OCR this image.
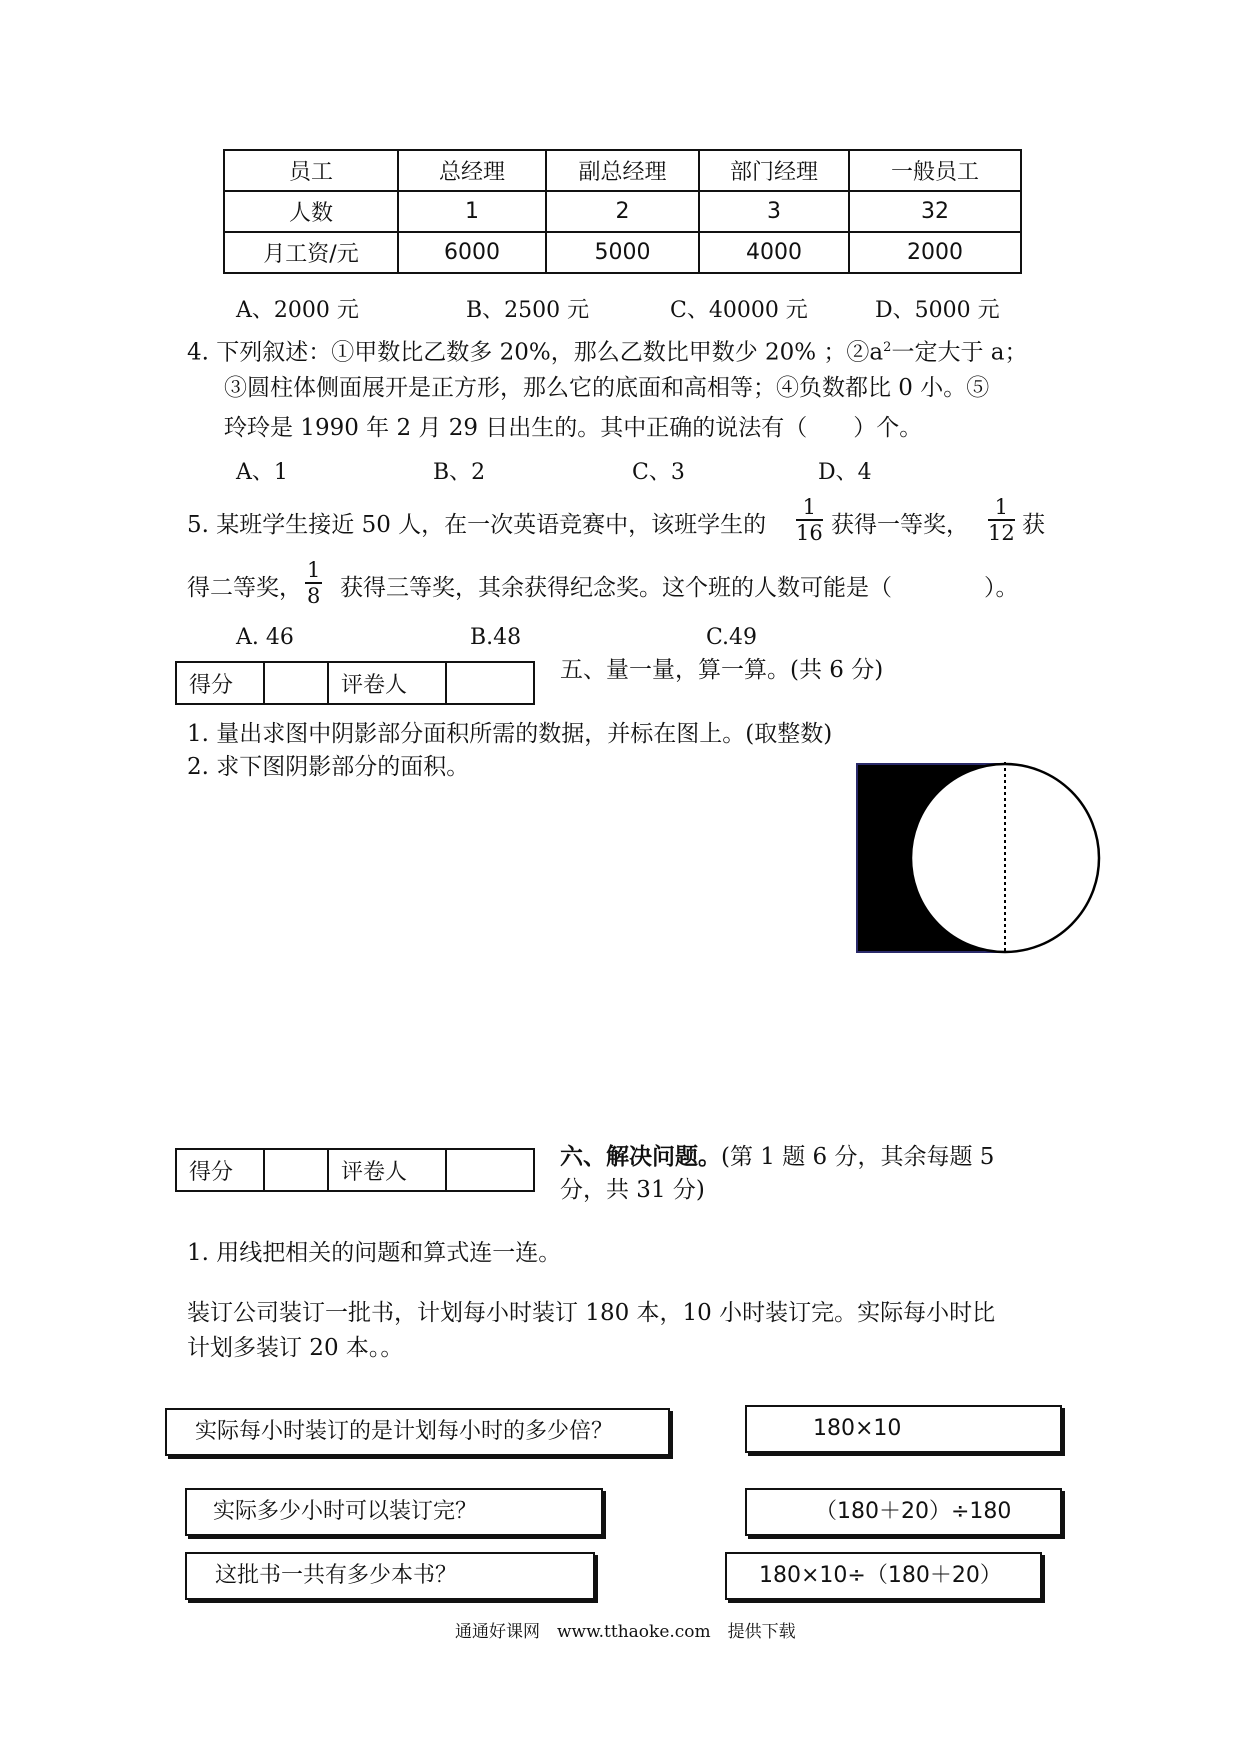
员工	总经理	副总经理	部门经理	一般员工
人数	1	2	3	32
月工资/元	6000	5000	4000	2000
A、2000 元	B、2500 元	C、40000 元	D、5000 元
4. 下列叙述：①甲数比乙数多 20%，那么乙数比甲数少 20% ；$②a^2$一定大于 a；
③圆柱体侧面展开是正方形，那么它的底面和高相等；④负数都比 0 小。⑤
玲玲是 1990 年 2 月 29 日出生的。其中正确的说法有（　　）个。
A、1	B、2	C、3	D、4
5. 某班学生接近 50 人，在一次英语竞赛中，该班学生的 $\frac{1}{16}$ 获得一等奖， $\frac{1}{12}$ 获
得二等奖， $\frac{1}{8}$ 获得三等奖，其余获得纪念奖。这个班的人数可能是（　　　　）。
A. 46	B.48	C.49
得分		评卷人	
五、量一量，算一算。(共 6 分)
1. 量出求图中阴影部分面积所需的数据，并标在图上。(取整数)
2. 求下图阴影部分的面积。
得分		评卷人	
六、解决问题。(第 1 题 6 分，其余每题 5
分，共 31 分)
1. 用线把相关的问题和算式连一连。
装订公司装订一批书，计划每小时装订 180 本，10 小时装订完。实际每小时比
计划多装订 20 本。。
实际每小时装订的是计划每小时的多少倍？
实际多少小时可以装订完？
这批书一共有多少本书？
180×10
（180＋20）÷180
180×10÷（180＋20）
通通好课网　www.tthaoke.com　提供下载
